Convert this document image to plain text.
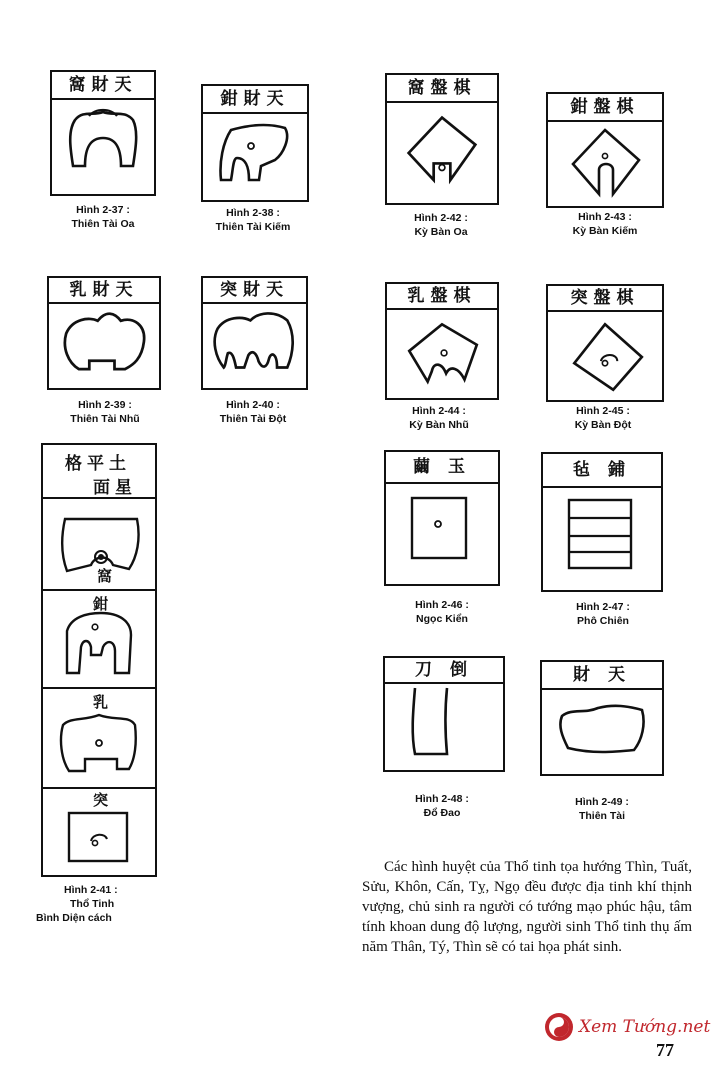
窩財天
Hình 2-37 :
Thiên Tài Oa
鉗財天
Hình 2-38 :
Thiên Tài Kiếm
乳財天
Hình 2-39 :
Thiên Tài Nhũ
突財天
Hình 2-40 :
Thiên Tài Đột
格平土
面星
窩
鉗
乳
突
Hình 2-41 :
Thổ Tinh
Bình Diện cách
窩盤棋
Hình 2-42 :
Kỳ Bàn Oa
鉗盤棋
Hình 2-43 :
Kỳ Bàn Kiếm
乳盤棋
Hình 2-44 :
Kỳ Bàn Nhũ
突盤棋
Hình 2-45 :
Kỳ Bàn Đột
繭 玉
Hình 2-46 :
Ngọc Kiển
毡 鋪
Hình 2-47 :
Phô Chiên
刀 倒
Hình 2-48 :
Đổ Đao
財 天
Hình 2-49 :
Thiên Tài
Các hình huyệt của Thổ tinh tọa hướng Thìn, Tuất, Sửu, Khôn, Cấn, Tỵ, Ngọ đều được địa tinh khí thịnh vượng, chủ sinh ra người có tướng mạo phúc hậu, tâm tính khoan dung độ lượng, người sinh Thổ tinh thụ ấm năm Thân, Tý, Thìn sẽ có tai họa phát sinh.
Xem Tướng.net
77
